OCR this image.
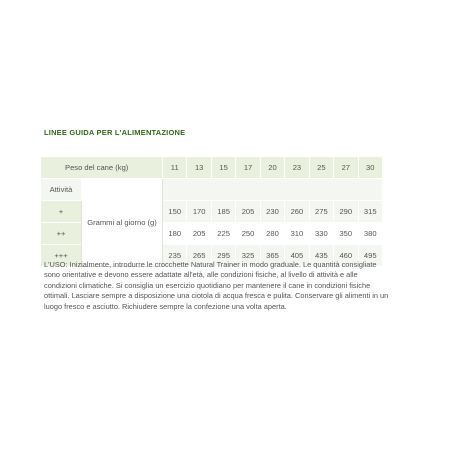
LINEE GUIDA PER L'ALIMENTAZIONE
Peso del cane (kg)		11	13	15	17	20	23	25	27	30
Attività	Grammi al giorno (g)									
+		150	170	185	205	230	260	275	290	315
++		180	205	225	250	280	310	330	350	380
+++		235	265	295	325	365	405	435	460	495

L'USO: Inizialmente, introdurre le crocchette Natural Trainer in modo graduale. Le quantità consigliate sono orientative e devono essere adattate all'età, alle condizioni fisiche, al livello di attività e alle condizioni climatiche. Si consiglia un esercizio quotidiano per mantenere il cane in condizioni fisiche ottimali. Lasciare sempre a disposizione una ciotola di acqua fresca e pulita. Conservare gli alimenti in un luogo fresco e asciutto. Richiudere sempre la confezione una volta aperta.
